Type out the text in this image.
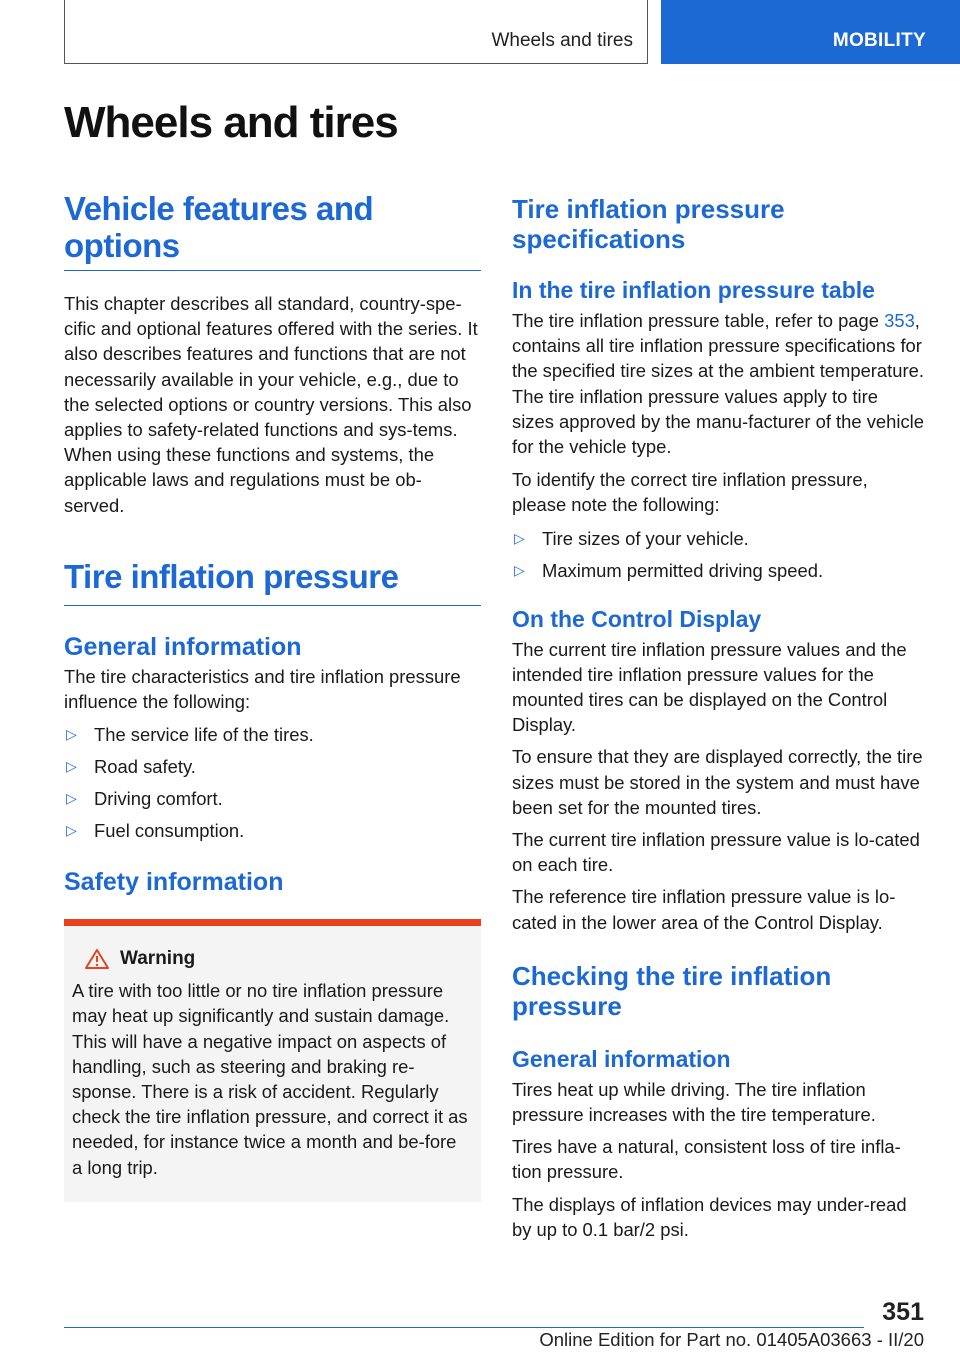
Wheels and tires	MOBILITY
Wheels and tires
Vehicle features and options

This chapter describes all standard, country-spe-cific and optional features offered with the series. It also describes features and functions that are not necessarily available in your vehicle, e.g., due to the selected options or country versions. This also applies to safety-related functions and sys-tems. When using these functions and systems, the applicable laws and regulations must be ob-served.

Tire inflation pressure
General information

The tire characteristics and tire inflation pressure influence the following:

▷ The service life of the tires.
▷ Road safety.
▷ Driving comfort.
▷ Fuel consumption.
Safety information
Warning

A tire with too little or no tire inflation pressure may heat up significantly and sustain damage. This will have a negative impact on aspects of handling, such as steering and braking re-sponse. There is a risk of accident. Regularly check the tire inflation pressure, and correct it as needed, for instance twice a month and be-fore a long trip.

Tire inflation pressure specifications
In the tire inflation pressure table

The tire inflation pressure table, refer to page 353, contains all tire inflation pressure specifications for the specified tire sizes at the ambient temperature. The tire inflation pressure values apply to tire sizes approved by the manu-facturer of the vehicle for the vehicle type.

To identify the correct tire inflation pressure, please note the following:

▷ Tire sizes of your vehicle.
▷ Maximum permitted driving speed.
On the Control Display

The current tire inflation pressure values and the intended tire inflation pressure values for the mounted tires can be displayed on the Control Display.

To ensure that they are displayed correctly, the tire sizes must be stored in the system and must have been set for the mounted tires.

The current tire inflation pressure value is lo-cated on each tire.

The reference tire inflation pressure value is lo-cated in the lower area of the Control Display.

Checking the tire inflation pressure
General information

Tires heat up while driving. The tire inflation pressure increases with the tire temperature.

Tires have a natural, consistent loss of tire infla-tion pressure.

The displays of inflation devices may under-read by up to 0.1 bar/2 psi.

351
Online Edition for Part no. 01405A03663 - II/20
